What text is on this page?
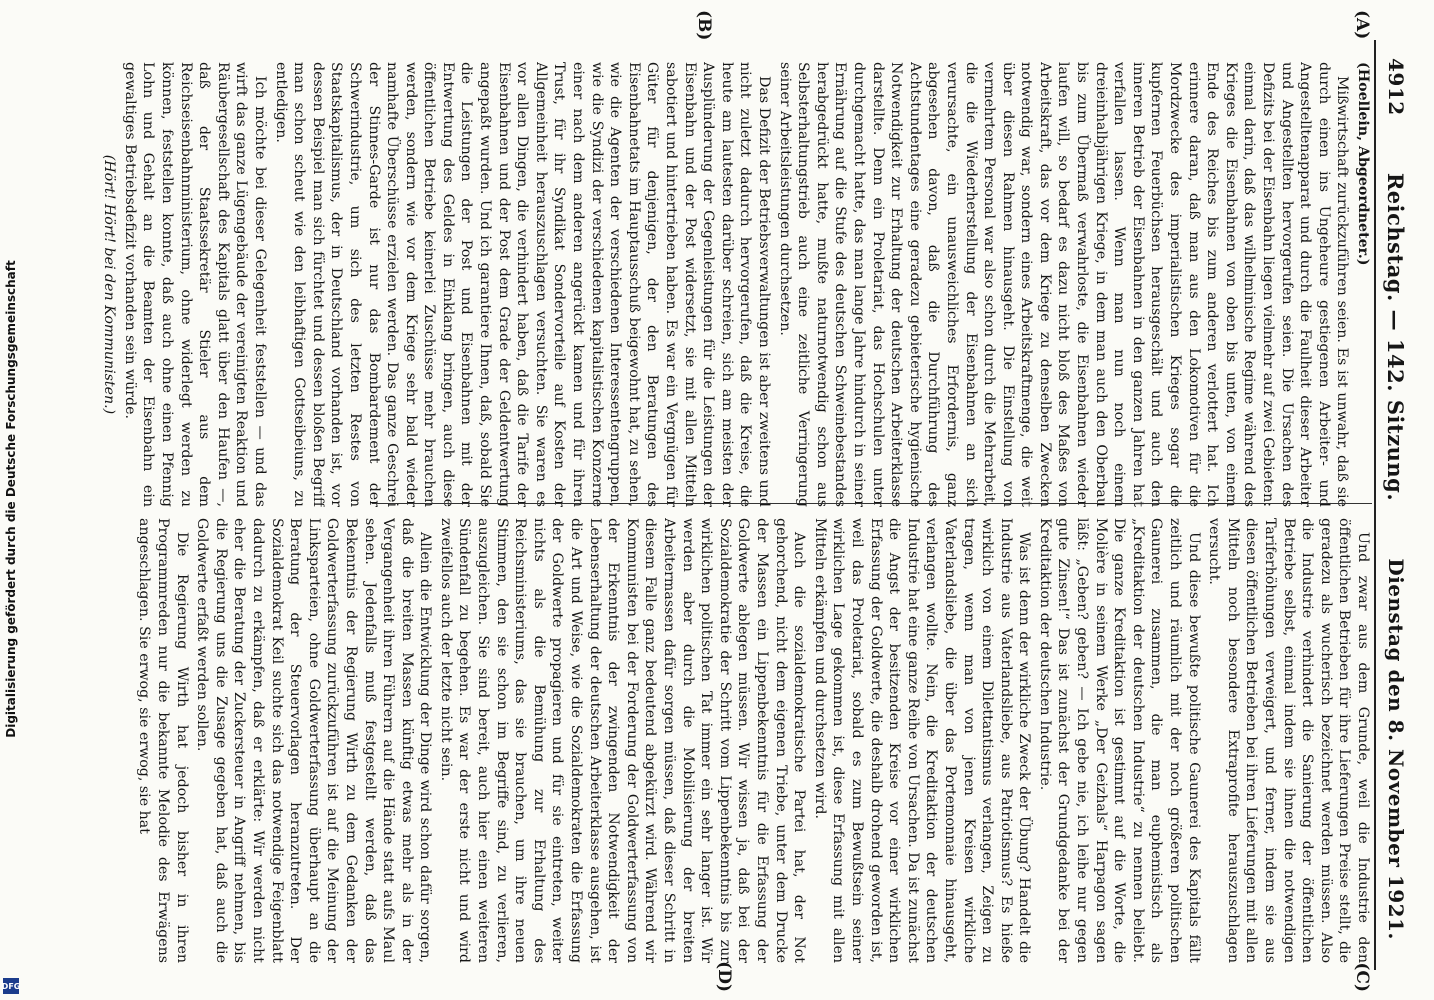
Digitalisierung gefördert durch die Deutsche Forschungsgemeinschaft
DFG
4912
Reichstag. — 142. Sitzung.
Dienstag den 8. November 1921.
(A)
(B)
(C)
(D)

(Hoellein, Abgeordneter.)

Mißwirtschaft zurückzuführen seien. Es ist unwahr, daß sie durch einen ins Ungeheure gestiegenen Arbeiter- und Angestelltenapparat und durch die Faulheit dieser Arbeiter und Angestellten hervorgerufen seien. Die Ursachen des Defizits bei der Eisenbahn liegen vielmehr auf zwei Gebieten: einmal darin, daß das wilhelminische Regime während des Krieges die Eisenbahnen von oben bis unten, von einem Ende des Reiches bis zum anderen verlottert hat. Ich erinnere daran, daß man aus den Lokomotiven für die Mordzwecke des imperialistischen Krieges sogar die kupfernen Feuerbüchsen herausgeschält und auch den inneren Betrieb der Eisenbahnen in den ganzen Jahren hat verfallen lassen. Wenn man nun noch einem dreieinhalbjährigen Kriege, in dem man auch den Oberbau bis zum Übermaß verwahrloste, die Eisenbahnen wieder laufen will, so bedarf es dazu nicht bloß des Maßes von Arbeitskraft, das vor dem Kriege zu denselben Zwecken notwendig war, sondern eines Arbeitskraftmenge, die weit über diesen Rahmen hinausgeht. Die Einstellung von vermehrtem Personal war also schon durch die Mehrarbeit, die die Wiederherstellung der Eisenbahnen an sich verursachte, ein unausweichliches Erfordernis, ganz abgesehen davon, daß die Durchführung des Achtstundentages eine geradezu gebieterische hygienische Notwendigkeit zur Erhaltung der deutschen Arbeiterklasse darstellte. Denn ein Proletariat, das Hochschulen unter durchgemacht hatte, das man lange Jahre hindurch in seiner Ernährung auf die Stufe des deutschen Schweinebestandes herabgedrückt hatte, mußte naturnotwendig schon aus Selbsterhaltungstrieb auch eine zeitliche Verringerung seiner Arbeitsleistungen durchsetzen.

Das Defizit der Betriebsverwaltungen ist aber zweitens und nicht zuletzt dadurch hervorgerufen, daß die Kreise, die heute am lautesten darüber schreien, sich am meisten der Ausplünderung der Gegenleistungen für die Leistungen der Eisenbahn und der Post widersetzt, sie mit allen Mitteln sabotiert und hintertrieben haben. Es war ein Vergnügen für Güter für denjenigen, der den Beratungen des Eisenbahnetats im Hauptausschuß beigewohnt hat, zu sehen, wie die Agenten der verschiedenen Interessentengruppen, wie die Syndizi der verschiedenen kapitalistischen Konzerne einer nach dem anderen angerückt kamen und für ihren Trust, für ihr Syndikat Sondervorteile auf Kosten der Allgemeinheit herauszuschlagen versuchten. Sie waren es vor allen Dingen, die verhindert haben, daß die Tarife der Eisenbahnen und der Post dem Grade der Geldentwertung angepaßt wurden. Und ich garantiere Ihnen, daß, sobald Sie die Leistungen der Post und Eisenbahnen mit der Entwertung des Geldes in Einklang bringen, auch diese öffentlichen Betriebe keinerlei Zuschüsse mehr brauchen werden, sondern wie vor dem Kriege sehr bald wieder namhafte Überschüsse erzielen werden. Das ganze Geschrei der Stinnes-Garde ist nur das Bombardement der Schwerindustrie, um sich des letzten Restes von Staatskapitalismus, der in Deutschland vorhanden ist, vor dessen Beispiel man sich fürchtet und dessen bloßen Begriff man schon scheut wie den leibhaftigen Gottseibeiuns, zu entledigen.

Ich möchte bei dieser Gelegenheit feststellen — und das wirft das ganze Lügengebäude der vereinigten Reaktion und Räubergesellschaft des Kapitals glatt über den Haufen —, daß der Staatssekretär Stieler aus dem Reichseisenbahnministerium, ohne widerlegt werden zu können, feststellen konnte, daß auch ohne einen Pfennig Lohn und Gehalt an die Beamten der Eisenbahn ein gewaltiges Betriebsdefizit vorhanden sein würde.

(Hört! Hört! bei den Kommunisten.)

Und zwar aus dem Grunde, weil die Industrie den öffentlichen Betrieben für ihre Lieferungen Preise stellt, die geradezu als wucherisch bezeichnet werden müssen. Also die Industrie verhindert die Sanierung der öffentlichen Betriebe selbst, einmal indem sie ihnen die notwendigen Tariferhöhungen verweigert, und ferner, indem sie aus diesen öffentlichen Betrieben bei ihren Lieferungen mit allen Mitteln noch besondere Extraprofite herauszuschlagen versucht.

Und diese bewußte politische Gaunerei des Kapitals fällt zeitlich und räumlich mit der noch größeren politischen Gaunerei zusammen, die man euphemistisch als „Kreditaktion der deutschen Industrie“ zu nennen beliebt. Die ganze Kreditaktion ist gestimmt auf die Worte, die Molière in seinem Werke „Der Geizhals“ Harpagon sagen läßt: „Geben? geben? — Ich gebe nie, ich leihe nur gegen gute Zinsen!“ Das ist zunächst der Grundgedanke bei der Kreditaktion der deutschen Industrie.

Was ist denn der wirkliche Zweck der Übung? Handelt die Industrie aus Vaterlandsliebe, aus Patriotismus? Es hieße wirklich von einem Dilettantismus verlangen, Zeigen zu tragen, wenn man von jenen Kreisen wirkliche Vaterlandsliebe, die über das Portemonnaie hinausgeht, verlangen wollte. Nein, die Kreditaktion der deutschen Industrie hat eine ganze Reihe von Ursachen. Da ist zunächst die Angst der besitzenden Kreise vor einer wirklichen Erfassung der Goldwerte, die deshalb drohend geworden ist, weil das Proletariat, sobald es zum Bewußtsein seiner wirklichen Lage gekommen ist, diese Erfassung mit allen Mitteln erkämpfen und durchsetzen wird.

Auch die sozialdemokratische Partei hat, der Not gehorchend, nicht dem eigenen Triebe, unter dem Drucke der Massen ein Lippenbekenntnis für die Erfassung der Goldwerte ablegen müssen. Wir wissen ja, daß bei der Sozialdemokratie der Schritt vom Lippenbekenntnis bis zur wirklichen politischen Tat immer ein sehr langer ist. Wir werden aber durch die Mobilisierung der breiten Arbeitermassen dafür sorgen müssen, daß dieser Schritt in diesem Falle ganz bedeutend abgekürzt wird. Während wir Kommunisten bei der Forderung der Goldwerterfassung von der Erkenntnis der zwingenden Notwendigkeit der Lebenserhaltung der deutschen Arbeiterklasse ausgehen, ist die Art und Weise, wie die Sozialdemokraten die Erfassung der Goldwerte propagieren und für sie eintreten, weiter nichts als die Bemühung zur Erhaltung des Reichsministeriums, das sie brauchen, um ihre neuen Stimmen, den sie schon im Begriffe sind, zu verlieren, auszugleichen. Sie sind bereit, auch hier einen weiteren Sündenfall zu begehen. Es war der erste nicht und wird zweifellos auch der letzte nicht sein.

Allein die Entwicklung der Dinge wird schon dafür sorgen, daß die breiten Massen künftig etwas mehr als in der Vergangenheit ihren Führern auf die Hände statt aufs Maul sehen. Jedenfalls muß festgestellt werden, daß das Bekenntnis der Regierung Wirth zu dem Gedanken der Goldwerterfassung zurückzuführen ist auf die Meinung der Linksparteien, ohne Goldwerterfassung überhaupt an die Beratung der Steuervorlagen heranzutreten. Der Sozialdemokrat Keil suchte sich das notwendige Feigenblatt dadurch zu erkämpfen, daß er erklärte: Wir werden nicht eher die Beratung der Zuckersteuer in Angriff nehmen, bis die Regierung uns die Zusage gegeben hat, daß auch die Goldwerte erfaßt werden sollen.

Die Regierung Wirth hat jedoch bisher in ihren Programmreden nur die bekannte Melodie des Erwägens angeschlagen. Sie erwog, sie erwog, sie hat
